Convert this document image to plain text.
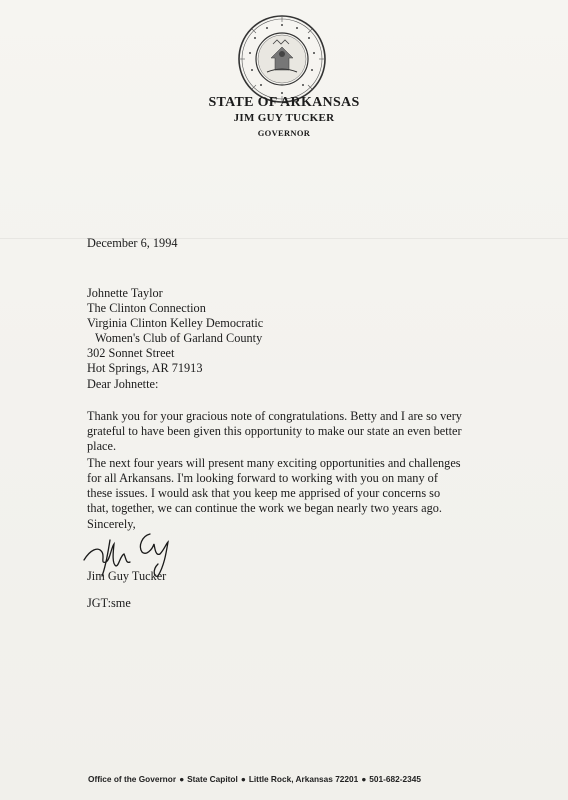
STATE OF ARKANSAS
JIM GUY TUCKER
GOVERNOR
December 6, 1994
Johnette Taylor
The Clinton Connection
Virginia Clinton Kelley Democratic
Women's Club of Garland County
302 Sonnet Street
Hot Springs, AR 71913
Dear Johnette:
Thank you for your gracious note of congratulations. Betty and I are so very
grateful to have been given this opportunity to make our state an even better
place.
The next four years will present many exciting opportunities and challenges
for all Arkansans. I'm looking forward to working with you on many of
these issues. I would ask that you keep me apprised of your concerns so
that, together, we can continue the work we began nearly two years ago.
Sincerely,
Jim Guy Tucker
JGT:sme
Office of the Governor ● State Capitol ● Little Rock, Arkansas 72201 ● 501-682-2345
